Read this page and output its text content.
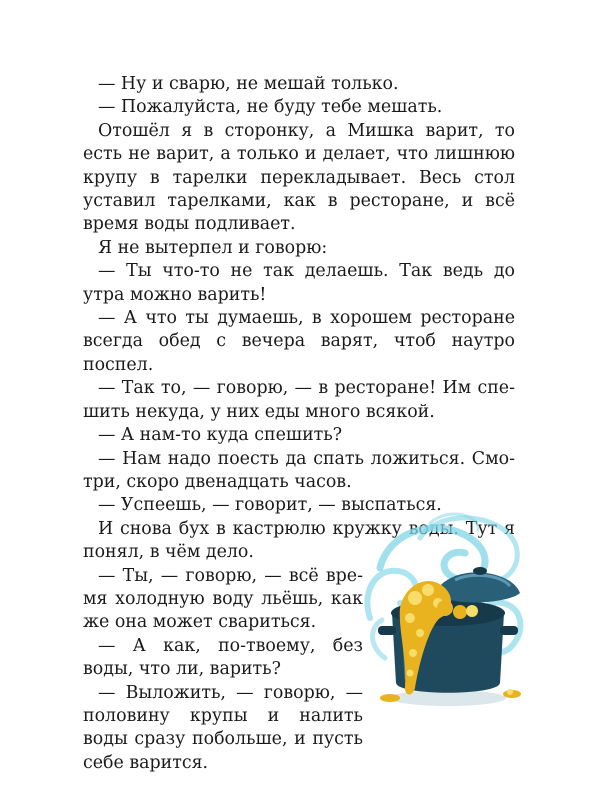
— Ну и сварю, не мешай только.

— Пожалуйста, не буду тебе мешать.

Отошёл я в сторонку, а Мишка варит, то есть не варит, а только и делает, что лишнюю крупу в тарелки перекладывает. Весь стол уставил тарелками, как в ресторане, и всё время воды подливает.

Я не вытерпел и говорю:

— Ты что-то не так делаешь. Так ведь до утра можно варить!

— А что ты думаешь, в хорошем ресторане всегда обед с вечера варят, чтоб наутро поспел.

— Так то, — говорю, — в ресторане! Им спешить некуда, у них еды много всякой.

— А нам-то куда спешить?

— Нам надо поесть да спать ложиться. Смотри, скоро двенадцать часов.

— Успеешь, — говорит, — выспаться.

И снова бух в кастрюлю кружку воды. Тут я понял, в чём дело.

— Ты, — говорю, — всё время холодную воду льёшь, как же она может свариться.

— А как, по-твоему, без воды, что ли, варить?

— Выложить, — говорю, — половину крупы и налить воды сразу побольше, и пусть себе варится.
